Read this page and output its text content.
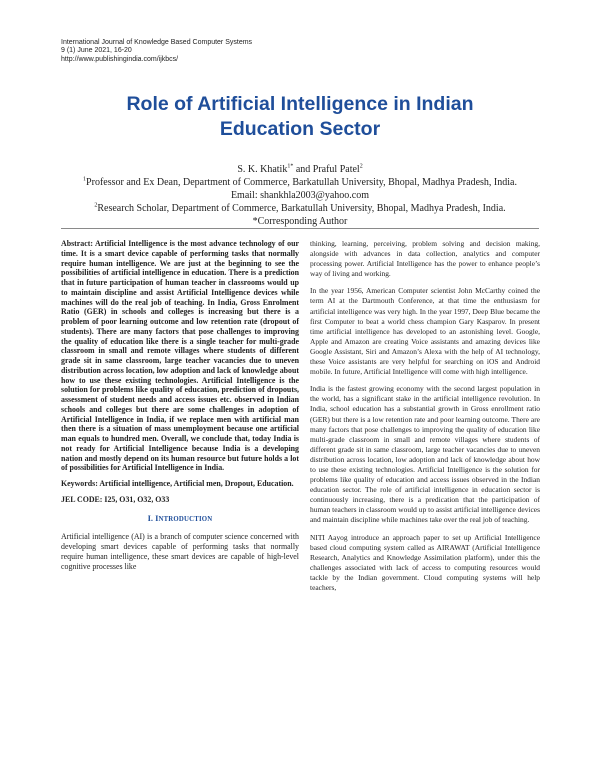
International Journal of Knowledge Based Computer Systems
9 (1) June 2021, 16-20
http://www.publishingindia.com/ijkbcs/
Role of Artificial Intelligence in Indian
Education Sector
S. K. Khatik$^{1*}$ and Praful Patel$^2$
$^1$Professor and Ex Dean, Department of Commerce, Barkatullah University, Bhopal, Madhya Pradesh, India.
Email: shankhla2003@yahoo.com
$^2$Research Scholar, Department of Commerce, Barkatullah University, Bhopal, Madhya Pradesh, India.
*Corresponding Author

Abstract: Artificial Intelligence is the most advance technology of our time. It is a smart device capable of performing tasks that normally require human intelligence. We are just at the beginning to see the possibilities of artificial intelligence in education. There is a prediction that in future participation of human teacher in classrooms would up to maintain discipline and assist Artificial Intelligence devices while machines will do the real job of teaching. In India, Gross Enrolment Ratio (GER) in schools and colleges is increasing but there is a problem of poor learning outcome and low retention rate (dropout of students). There are many factors that pose challenges to improving the quality of education like there is a single teacher for multi-grade classroom in small and remote villages where students of different grade sit in same classroom, large teacher vacancies due to uneven distribution across location, low adoption and lack of knowledge about how to use these existing technologies. Artificial Intelligence is the solution for problems like quality of education, prediction of dropouts, assessment of student needs and access issues etc. observed in Indian schools and colleges but there are some challenges in adoption of Artificial Intelligence in India, if we replace men with artificial man then there is a situation of mass unemployment because one artificial man equals to hundred men. Overall, we conclude that, today India is not ready for Artificial Intelligence because India is a developing nation and mostly depend on its human resource but future holds a lot of possibilities for Artificial Intelligence in India.

Keywords: Artificial intelligence, Artificial men, Dropout, Education.

JEL CODE: I25, O31, O32, O33

I. INTRODUCTION

Artificial intelligence (AI) is a branch of computer science concerned with developing smart devices capable of performing tasks that normally require human intelligence, these smart devices are capable of high-level cognitive processes like

thinking, learning, perceiving, problem solving and decision making, alongside with advances in data collection, analytics and computer processing power. Artificial Intelligence has the power to enhance people’s way of living and working.

In the year 1956, American Computer scientist John McCarthy coined the term AI at the Dartmouth Conference, at that time the enthusiasm for artificial intelligence was very high. In the year 1997, Deep Blue became the first Computer to beat a world chess champion Gary Kasparov. In present time artificial intelligence has developed to an astonishing level. Google, Apple and Amazon are creating Voice assistants and amazing devices like Google Assistant, Siri and Amazon’s Alexa with the help of AI technology, these Voice assistants are very helpful for searching on iOS and Android mobile. In future, Artificial Intelligence will come with high intelligence.

India is the fastest growing economy with the second largest population in the world, has a significant stake in the artificial intelligence revolution. In India, school education has a substantial growth in Gross enrollment ratio (GER) but there is a low retention rate and poor learning outcome. There are many factors that pose challenges to improving the quality of education like multi-grade classroom in small and remote villages where students of different grade sit in same classroom, large teacher vacancies due to uneven distribution across location, low adoption and lack of knowledge about how to use these existing technologies. Artificial Intelligence is the solution for problems like quality of education and access issues observed in the Indian education sector. The role of artificial intelligence in education sector is continuously increasing, there is a predication that the participation of human teachers in classroom would up to assist artificial intelligence devices and maintain discipline while machines take over the real job of teaching.

NITI Aayog introduce an approach paper to set up Artificial Intelligence based cloud computing system called as AIRAWAT (Artificial Intelligence Research, Analytics and Knowledge Assimilation platform), under this the challenges associated with lack of access to computing resources would tackle by the Indian government. Cloud computing systems will help teachers,
